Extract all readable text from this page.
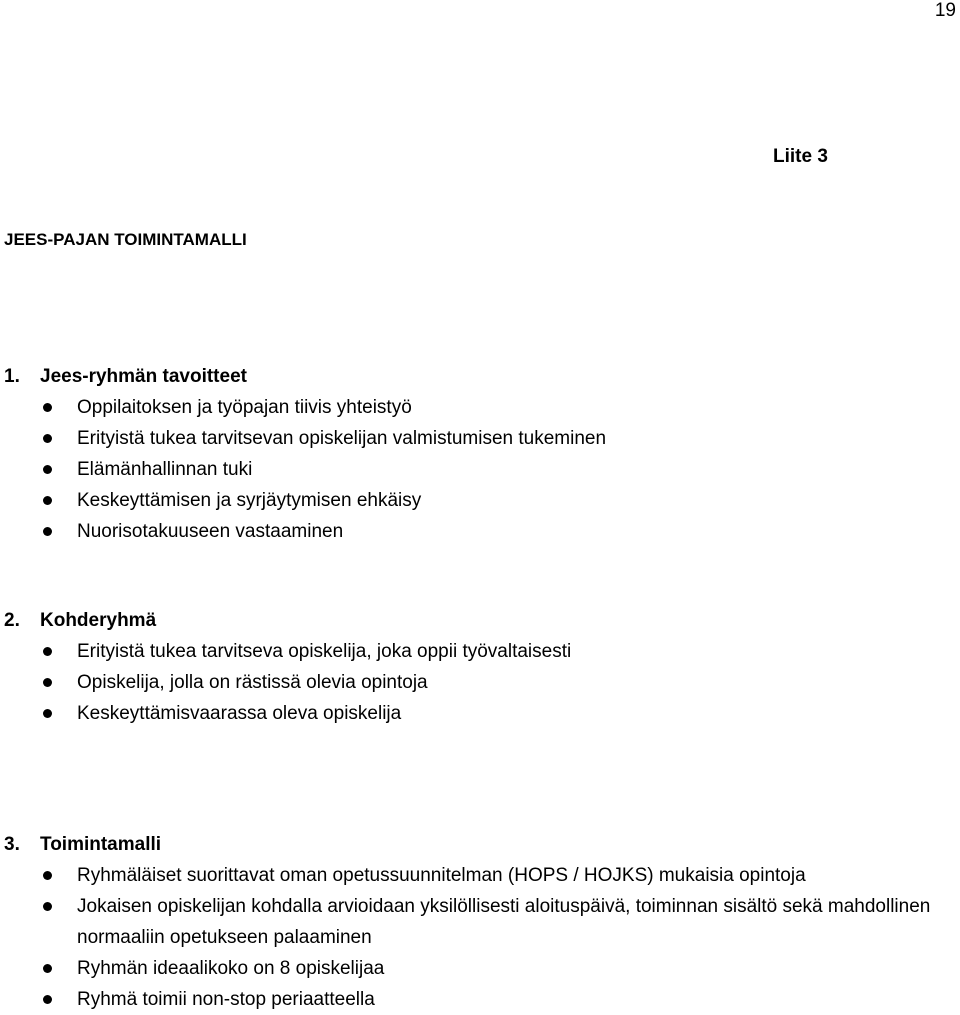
19
Liite 3
JEES-PAJAN TOIMINTAMALLI
1. Jees-ryhmän tavoitteet
Oppilaitoksen ja työpajan tiivis yhteistyö
Erityistä tukea tarvitsevan opiskelijan valmistumisen tukeminen
Elämänhallinnan tuki
Keskeyttämisen ja syrjäytymisen ehkäisy
Nuorisotakuuseen vastaaminen
2. Kohderyhmä
Erityistä tukea tarvitseva opiskelija, joka oppii työvaltaisesti
Opiskelija, jolla on rästissä olevia opintoja
Keskeyttämisvaarassa oleva opiskelija
3. Toimintamalli
Ryhmäläiset suorittavat oman opetussuunnitelman (HOPS / HOJKS) mukaisia opintoja
Jokaisen opiskelijan kohdalla arvioidaan yksilöllisesti aloituspäivä, toiminnan sisältö sekä mahdollinen normaaliin opetukseen palaaminen
Ryhmän ideaalikoko on 8 opiskelijaa
Ryhmä toimii non-stop periaatteella
